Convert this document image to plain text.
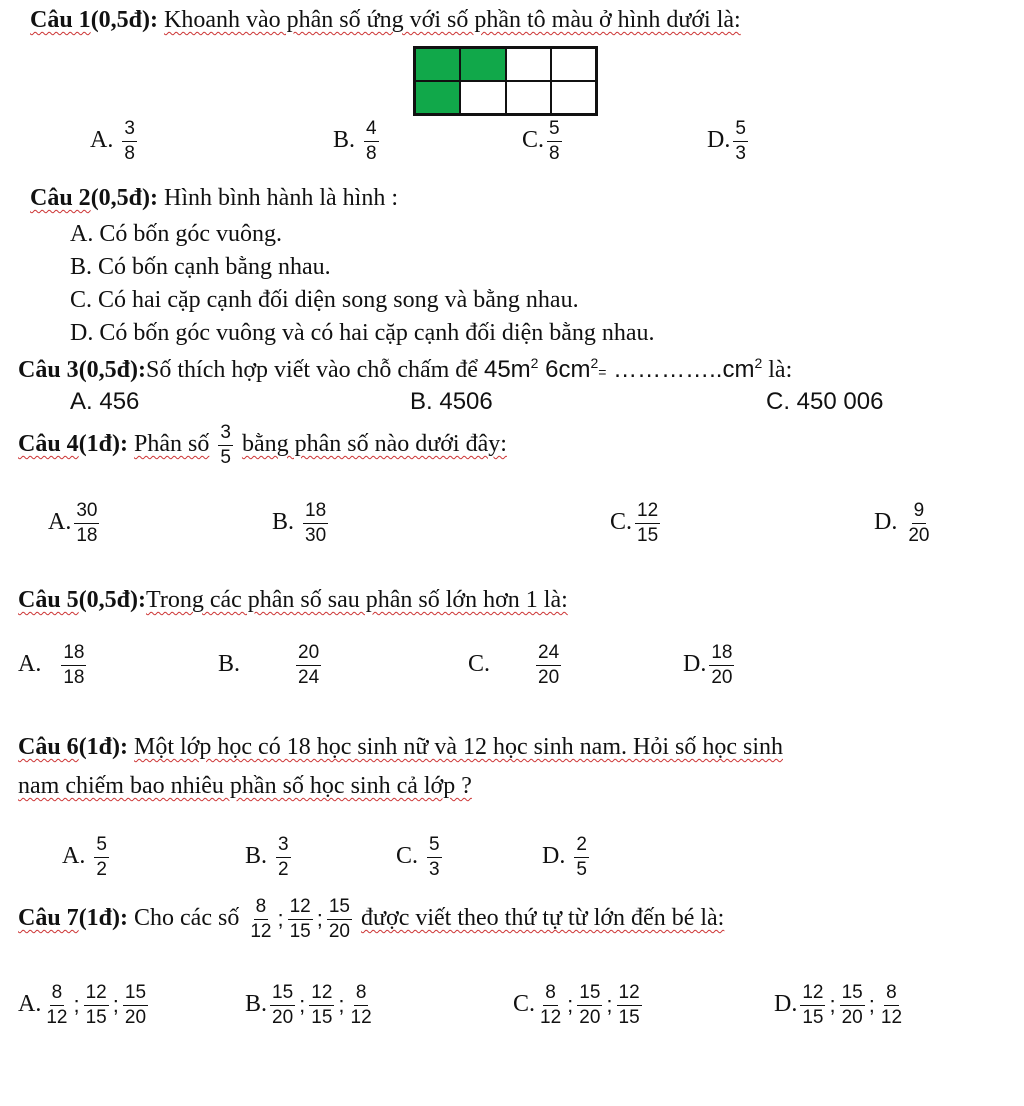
Câu 1(0,5đ): Khoanh vào phân số ứng với số phần tô màu ở hình dưới là:
A. $\frac{3}{8}$	B. $\frac{4}{8}$	C. $\frac{5}{8}$	D. $\frac{5}{3}$
Câu 2(0,5đ): Hình bình hành là hình :
A. Có bốn góc vuông.
B. Có bốn cạnh bằng nhau.
C. Có hai cặp cạnh đối diện song song và bằng nhau.
D. Có bốn góc vuông và có hai cặp cạnh đối diện bằng nhau.
Câu 3(0,5đ):Số thích hợp viết vào chỗ chấm để $45m^2$ $6cm^2=$ $\dots\dots\dots\dots..cm^2$ là:
A. 456	B. 4506	C. 450 006
Câu 4(1đ): Phân số $\frac{3}{5}$ bằng phân số nào dưới đây:
A. $\frac{30}{18}$	B. $\frac{18}{30}$	C. $\frac{12}{15}$	D. $\frac{9}{20}$
Câu 5(0,5đ):Trong các phân số sau phân số lớn hơn 1 là:
A. $\frac{18}{18}$	B.	$\frac{20}{24}$	C. $\frac{24}{20}$	D. $\frac{18}{20}$
Câu 6(1đ): Một lớp học có 18 học sinh nữ và 12 học sinh nam. Hỏi số học sinh
nam chiếm bao nhiêu phần số học sinh cả lớp ?
A. $\frac{5}{2}$	B. $\frac{3}{2}$	C. $\frac{5}{3}$	D. $\frac{2}{5}$
Câu 7(1đ): Cho các số $\frac{8}{12}$ ; $\frac{12}{15}$ ; $\frac{15}{20}$ được viết theo thứ tự từ lớn đến bé là:
A. $\frac{8}{12}$ ; $\frac{12}{15}$ ; $\frac{15}{20}$	B. $\frac{15}{20}$ ; $\frac{12}{15}$ ; $\frac{8}{12}$	C. $\frac{8}{12}$ ; $\frac{15}{20}$ ; $\frac{12}{15}$	D. $\frac{12}{15}$ ; $\frac{15}{20}$ ; $\frac{8}{12}$
